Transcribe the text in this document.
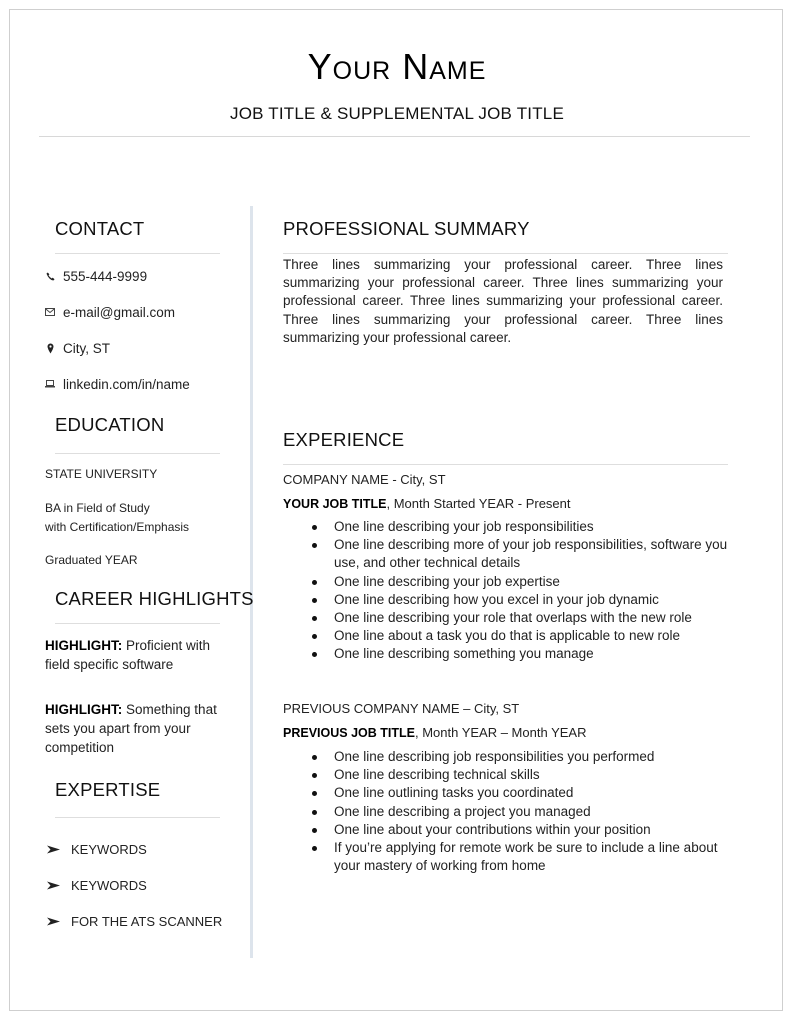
Your Name
JOB TITLE & SUPPLEMENTAL JOB TITLE
CONTACT
555-444-9999
e-mail@gmail.com
City, ST
linkedin.com/in/name
EDUCATION
STATE UNIVERSITY
BA in Field of Study
with Certification/Emphasis
Graduated YEAR
CAREER HIGHLIGHTS
HIGHLIGHT: Proficient with field specific software
HIGHLIGHT: Something that sets you apart from your competition
EXPERTISE
KEYWORDS
KEYWORDS
FOR THE ATS SCANNER
PROFESSIONAL SUMMARY
Three lines summarizing your professional career. Three lines summarizing your professional career. Three lines summarizing your professional career. Three lines summarizing your professional career. Three lines summarizing your professional career. Three lines summarizing your professional career.
EXPERIENCE
COMPANY NAME - City, ST
YOUR JOB TITLE, Month Started YEAR - Present
One line describing your job responsibilities
One line describing more of your job responsibilities, software you use, and other technical details
One line describing your job expertise
One line describing how you excel in your job dynamic
One line describing your role that overlaps with the new role
One line about a task you do that is applicable to new role
One line describing something you manage
PREVIOUS COMPANY NAME – City, ST
PREVIOUS JOB TITLE, Month YEAR – Month YEAR
One line describing job responsibilities you performed
One line describing technical skills
One line outlining tasks you coordinated
One line describing a project you managed
One line about your contributions within your position
If you’re applying for remote work be sure to include a line about your mastery of working from home
